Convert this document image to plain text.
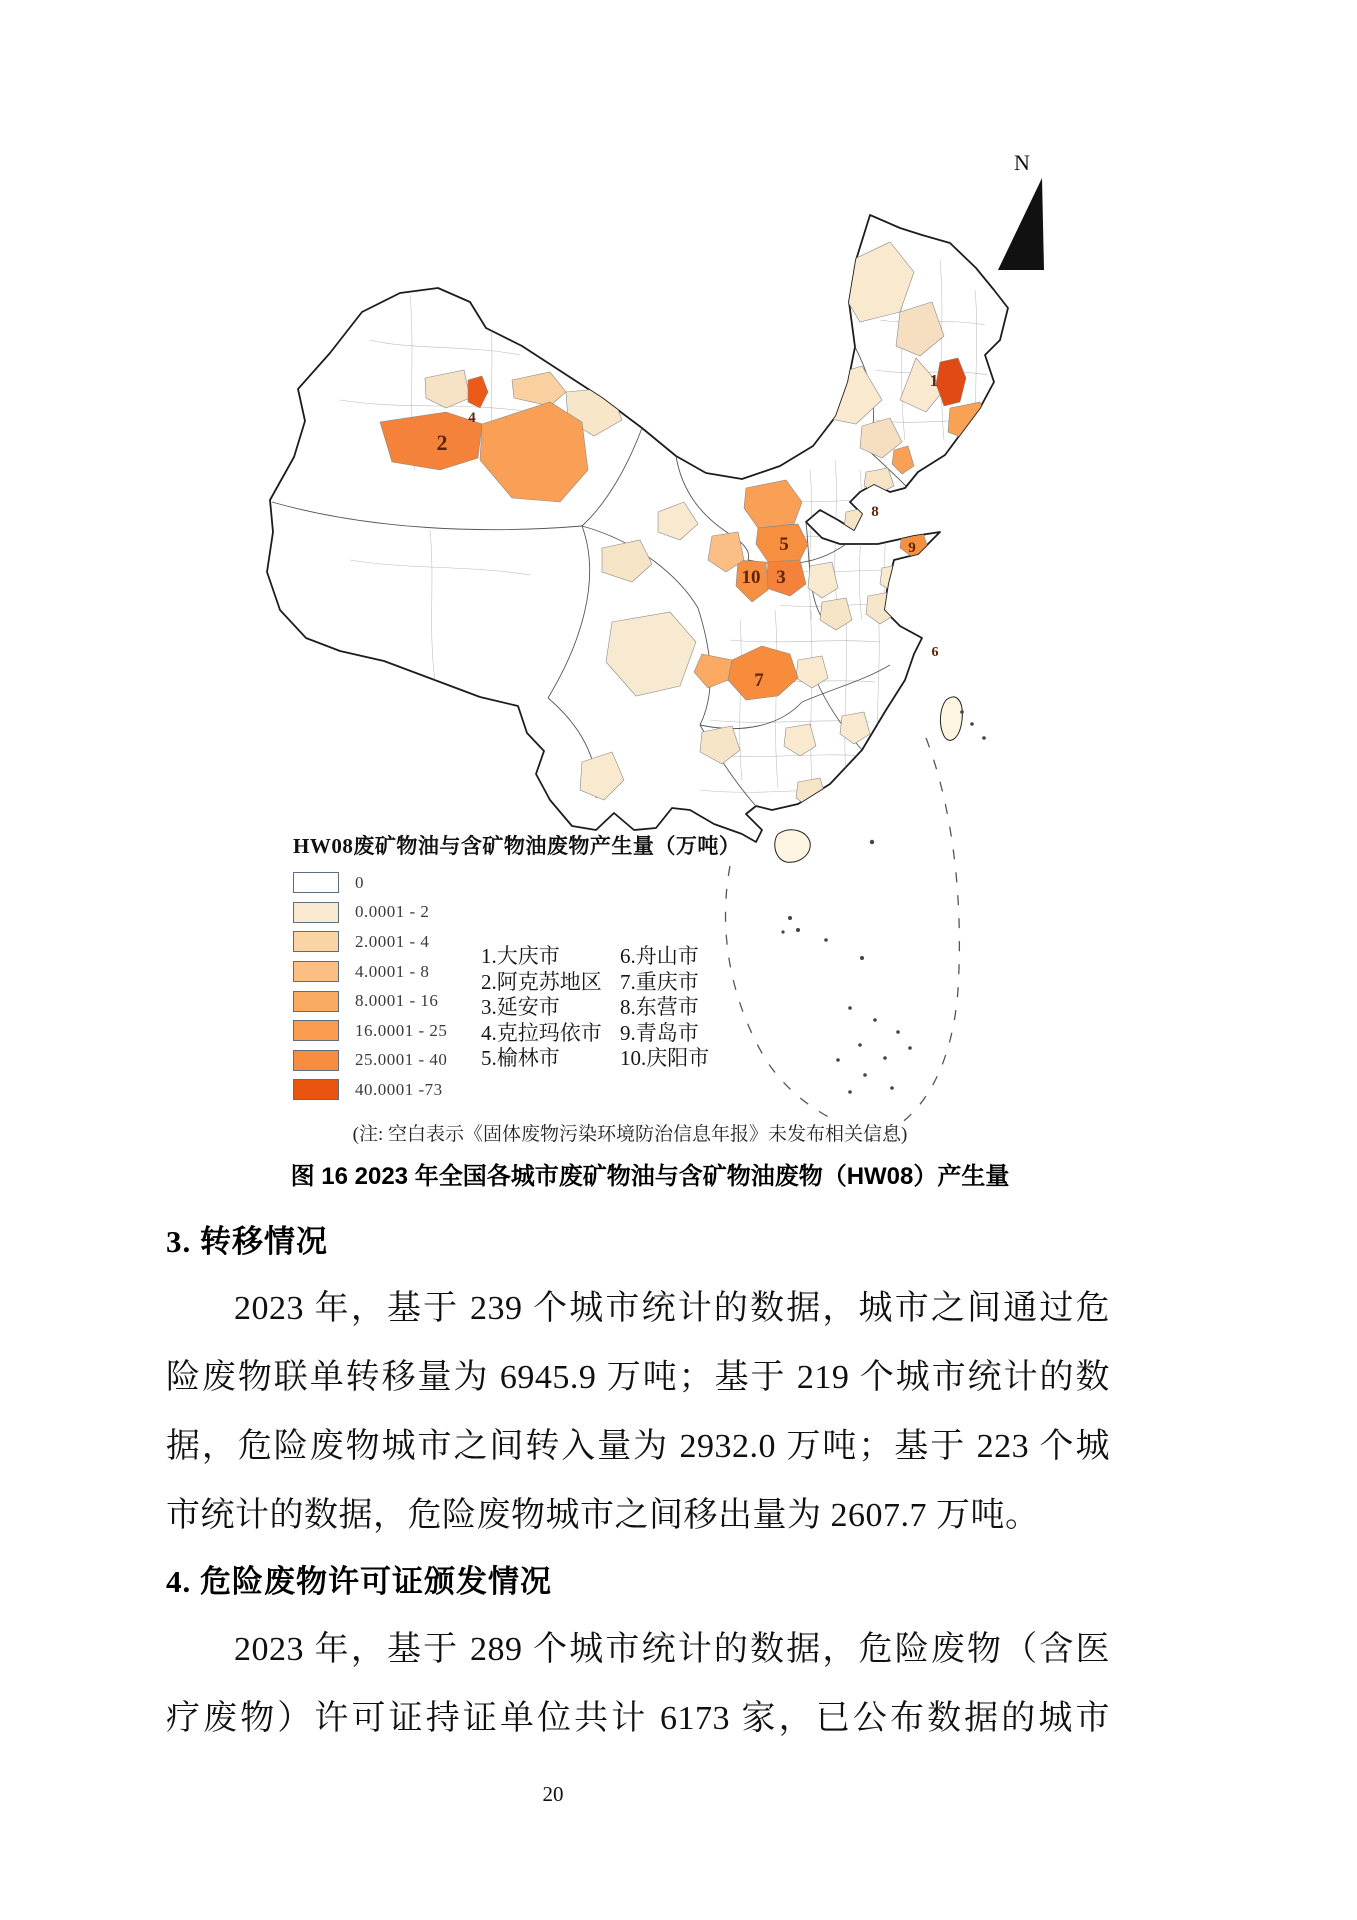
N
1
2
3
4
5
6
7
8
9
10
HW08废矿物油与含矿物油废物产生量（万吨）
0
0.0001 - 2
2.0001 - 4
4.0001 - 8
8.0001 - 16
16.0001 - 25
25.0001 - 40
40.0001 -73
1.大庆市
2.阿克苏地区
3.延安市
4.克拉玛依市
5.榆林市
6.舟山市
7.重庆市
8.东营市
9.青岛市
10.庆阳市
(注: 空白表示《固体废物污染环境防治信息年报》未发布相关信息)
图 16 2023 年全国各城市废矿物油与含矿物油废物（HW08）产生量
3. 转移情况
2023 年，基于 239 个城市统计的数据，城市之间通过危
险废物联单转移量为 6945.9 万吨；基于 219 个城市统计的数
据，危险废物城市之间转入量为 2932.0 万吨；基于 223 个城
市统计的数据，危险废物城市之间移出量为 2607.7 万吨。
4. 危险废物许可证颁发情况
2023 年，基于 289 个城市统计的数据，危险废物（含医
疗废物）许可证持证单位共计 6173 家，已公布数据的城市
20
